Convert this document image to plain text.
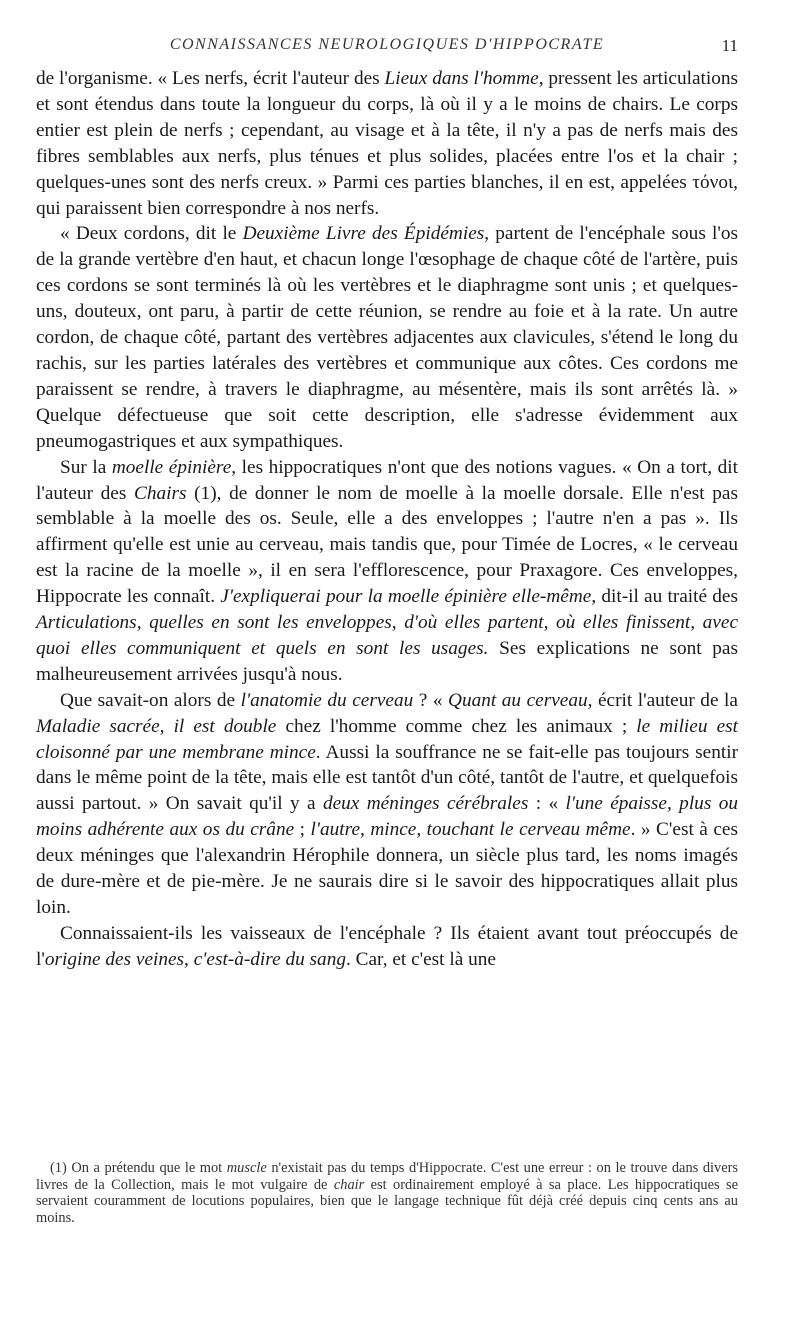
CONNAISSANCES NEUROLOGIQUES D'HIPPOCRATE	11

de l'organisme. « Les nerfs, écrit l'auteur des Lieux dans l'homme, pressent les articulations et sont étendus dans toute la longueur du corps, là où il y a le moins de chairs. Le corps entier est plein de nerfs ; cependant, au visage et à la tête, il n'y a pas de nerfs mais des fibres semblables aux nerfs, plus ténues et plus solides, placées entre l'os et la chair ; quelques-unes sont des nerfs creux. » Parmi ces parties blanches, il en est, appelées τόνοι, qui paraissent bien correspondre à nos nerfs.

« Deux cordons, dit le Deuxième Livre des Épidémies, partent de l'encéphale sous l'os de la grande vertèbre d'en haut, et chacun longe l'œsophage de chaque côté de l'artère, puis ces cordons se sont terminés là où les vertèbres et le diaphragme sont unis ; et quelques-uns, douteux, ont paru, à partir de cette réunion, se rendre au foie et à la rate. Un autre cordon, de chaque côté, partant des vertèbres adjacentes aux clavicules, s'étend le long du rachis, sur les parties latérales des vertèbres et communique aux côtes. Ces cordons me paraissent se rendre, à travers le diaphragme, au mésentère, mais ils sont arrêtés là. » Quelque défectueuse que soit cette description, elle s'adresse évidemment aux pneumogastriques et aux sympathiques.

Sur la moelle épinière, les hippocratiques n'ont que des notions vagues. « On a tort, dit l'auteur des Chairs (1), de donner le nom de moelle à la moelle dorsale. Elle n'est pas semblable à la moelle des os. Seule, elle a des enveloppes ; l'autre n'en a pas ». Ils affirment qu'elle est unie au cerveau, mais tandis que, pour Timée de Locres, « le cerveau est la racine de la moelle », il en sera l'efflorescence, pour Praxagore. Ces enveloppes, Hippocrate les connaît. J'expliquerai pour la moelle épinière elle-même, dit-il au traité des Articulations, quelles en sont les enveloppes, d'où elles partent, où elles finissent, avec quoi elles communiquent et quels en sont les usages. Ses explications ne sont pas malheureusement arrivées jusqu'à nous.

Que savait-on alors de l'anatomie du cerveau ? « Quant au cerveau, écrit l'auteur de la Maladie sacrée, il est double chez l'homme comme chez les animaux ; le milieu est cloisonné par une membrane mince. Aussi la souffrance ne se fait-elle pas toujours sentir dans le même point de la tête, mais elle est tantôt d'un côté, tantôt de l'autre, et quelquefois aussi partout. » On savait qu'il y a deux méninges cérébrales : « l'une épaisse, plus ou moins adhérente aux os du crâne ; l'autre, mince, touchant le cerveau même. » C'est à ces deux méninges que l'alexandrin Hérophile donnera, un siècle plus tard, les noms imagés de dure-mère et de pie-mère. Je ne saurais dire si le savoir des hippocratiques allait plus loin.

Connaissaient-ils les vaisseaux de l'encéphale ? Ils étaient avant tout préoccupés de l'origine des veines, c'est-à-dire du sang. Car, et c'est là une

(1) On a prétendu que le mot muscle n'existait pas du temps d'Hippocrate. C'est une erreur : on le trouve dans divers livres de la Collection, mais le mot vulgaire de chair est ordinairement employé à sa place. Les hippocratiques se servaient couramment de locutions populaires, bien que le langage technique fût déjà créé depuis cinq cents ans au moins.
